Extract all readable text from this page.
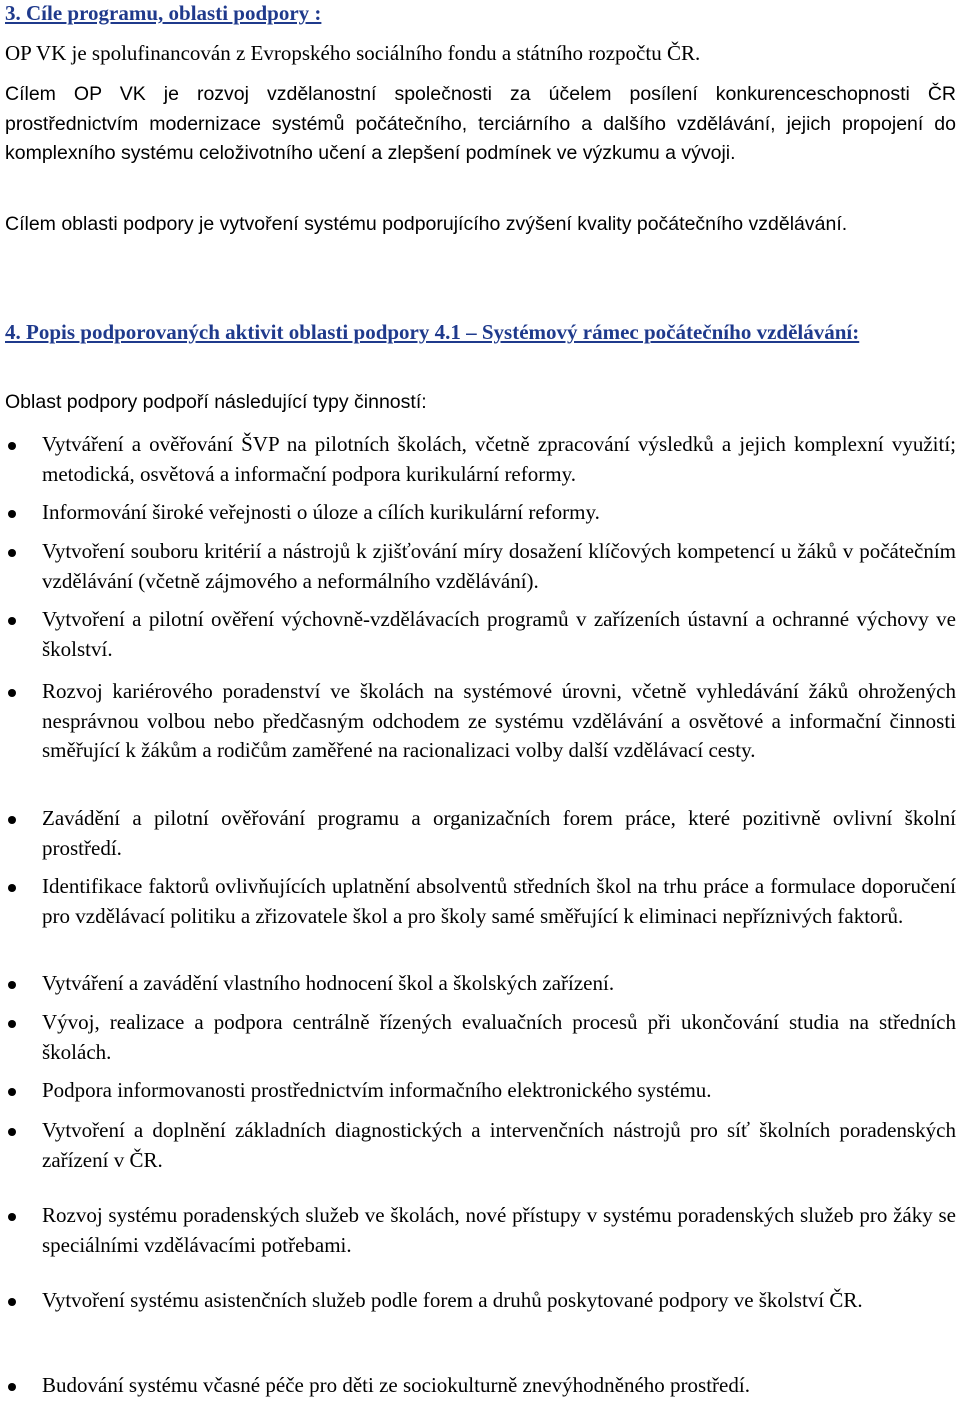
3. Cíle programu, oblasti podpory :

OP VK je spolufinancován z Evropského sociálního fondu a státního rozpočtu ČR.

Cílem OP VK je rozvoj vzdělanostní společnosti za účelem posílení konkurenceschopnosti ČR prostřednictvím modernizace systémů počátečního, terciárního a dalšího vzdělávání, jejich propojení do komplexního systému celoživotního učení a zlepšení podmínek ve výzkumu a vývoji.

Cílem oblasti podpory je vytvoření systému podporujícího zvýšení kvality počátečního vzdělávání.

4. Popis podporovaných aktivit oblasti podpory 4.1 – Systémový rámec počátečního vzdělávání:

Oblast podpory podpoří následující typy činností:

Vytváření a ověřování ŠVP na pilotních školách, včetně zpracování výsledků a jejich komplexní využití; metodická, osvětová a informační podpora kurikulární reformy.
Informování široké veřejnosti o úloze a cílích kurikulární reformy.
Vytvoření souboru kritérií a nástrojů k zjišťování míry dosažení klíčových kompetencí u žáků v počátečním vzdělávání (včetně zájmového a neformálního vzdělávání).
Vytvoření a pilotní ověření výchovně-vzdělávacích programů v zařízeních ústavní a ochranné výchovy ve školství.
Rozvoj kariérového poradenství ve školách na systémové úrovni, včetně vyhledávání žáků ohrožených nesprávnou volbou nebo předčasným odchodem ze systému vzdělávání a osvětové a informační činnosti směřující k žákům a rodičům zaměřené na racionalizaci volby další vzdělávací cesty.
Zavádění a pilotní ověřování programu a organizačních forem práce, které pozitivně ovlivní školní prostředí.
Identifikace faktorů ovlivňujících uplatnění absolventů středních škol na trhu práce a formulace doporučení pro vzdělávací politiku a zřizovatele škol a pro školy samé směřující k eliminaci nepříznivých faktorů.
Vytváření a zavádění vlastního hodnocení škol a školských zařízení.
Vývoj, realizace a podpora centrálně řízených evaluačních procesů při ukončování studia na středních školách.
Podpora informovanosti prostřednictvím informačního elektronického systému.
Vytvoření a doplnění základních diagnostických a intervenčních nástrojů pro síť školních poradenských zařízení v ČR.
Rozvoj systému poradenských služeb ve školách, nové přístupy v systému poradenských služeb pro žáky se speciálními vzdělávacími potřebami.
Vytvoření systému asistenčních služeb podle forem a druhů poskytované podpory ve školství ČR.
Budování systému včasné péče pro děti ze sociokulturně znevýhodněného prostředí.
